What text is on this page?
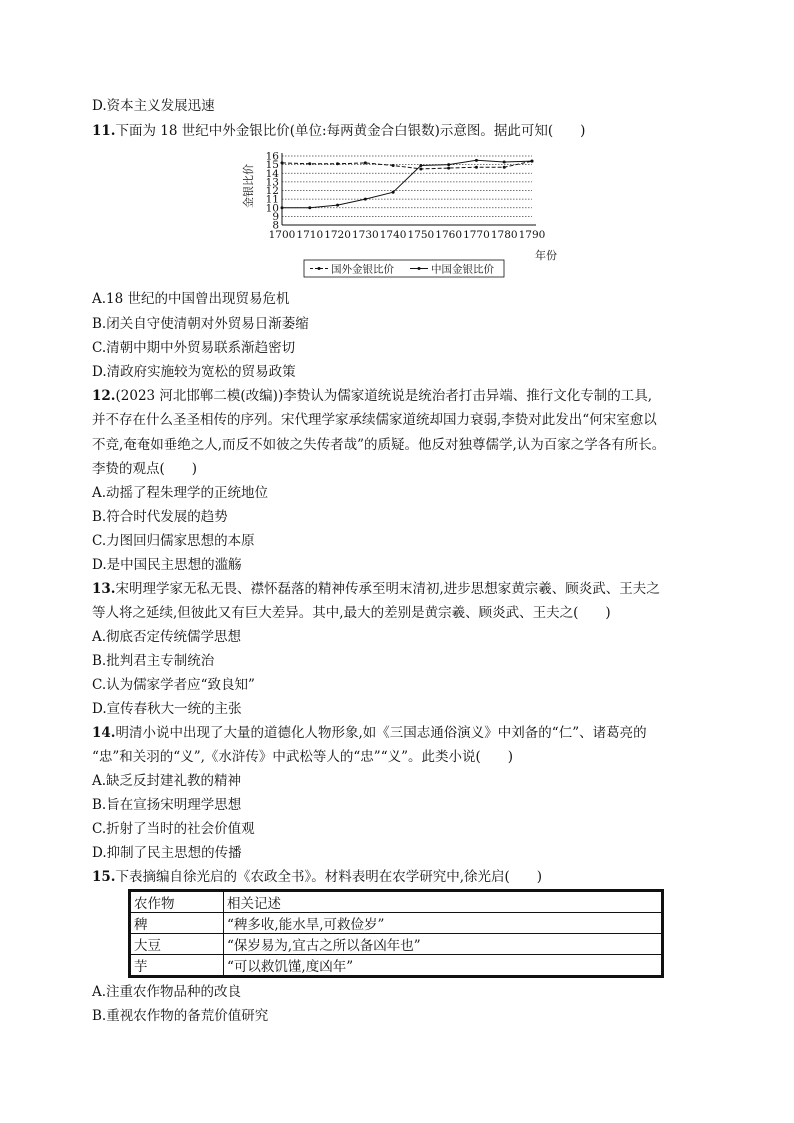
D.资本主义发展迅速
11.下面为 18 世纪中外金银比价(单位:每两黄金合白银数)示意图。据此可知(　　)
金银比价
8
9
10
11
12
13
14
15
16
1700 1710 1720 1730 1740 1750 1760 1770 1780 1790
年份
国外金银比价	中国金银比价
A.18 世纪的中国曾出现贸易危机
B.闭关自守使清朝对外贸易日渐萎缩
C.清朝中期中外贸易联系渐趋密切
D.清政府实施较为宽松的贸易政策
12.(2023 河北邯郸二模(改编))李贽认为儒家道统说是统治者打击异端、推行文化专制的工具,
并不存在什么圣圣相传的序列。宋代理学家承续儒家道统却国力衰弱,李贽对此发出“何宋室愈以
不竞,奄奄如垂绝之人,而反不如彼之失传者哉”的质疑。他反对独尊儒学,认为百家之学各有所长。
李贽的观点(　　)
A.动摇了程朱理学的正统地位
B.符合时代发展的趋势
C.力图回归儒家思想的本原
D.是中国民主思想的滥觞
13.宋明理学家无私无畏、襟怀磊落的精神传承至明末清初,进步思想家黄宗羲、顾炎武、王夫之
等人将之延续,但彼此又有巨大差异。其中,最大的差别是黄宗羲、顾炎武、王夫之(　　)
A.彻底否定传统儒学思想
B.批判君主专制统治
C.认为儒家学者应“致良知”
D.宣传春秋大一统的主张
14.明清小说中出现了大量的道德化人物形象,如《三国志通俗演义》中刘备的“仁”、诸葛亮的
“忠”和关羽的“义”,《水浒传》中武松等人的“忠”“义”。此类小说(　　)
A.缺乏反封建礼教的精神
B.旨在宣扬宋明理学思想
C.折射了当时的社会价值观
D.抑制了民主思想的传播
15.下表摘编自徐光启的《农政全书》。材料表明在农学研究中,徐光启(　　)
农作物	相关记述
稗	“稗多收,能水旱,可救俭岁”
大豆	“保岁易为,宜古之所以备凶年也”
芋	“可以救饥馑,度凶年”
A.注重农作物品种的改良
B.重视农作物的备荒价值研究
